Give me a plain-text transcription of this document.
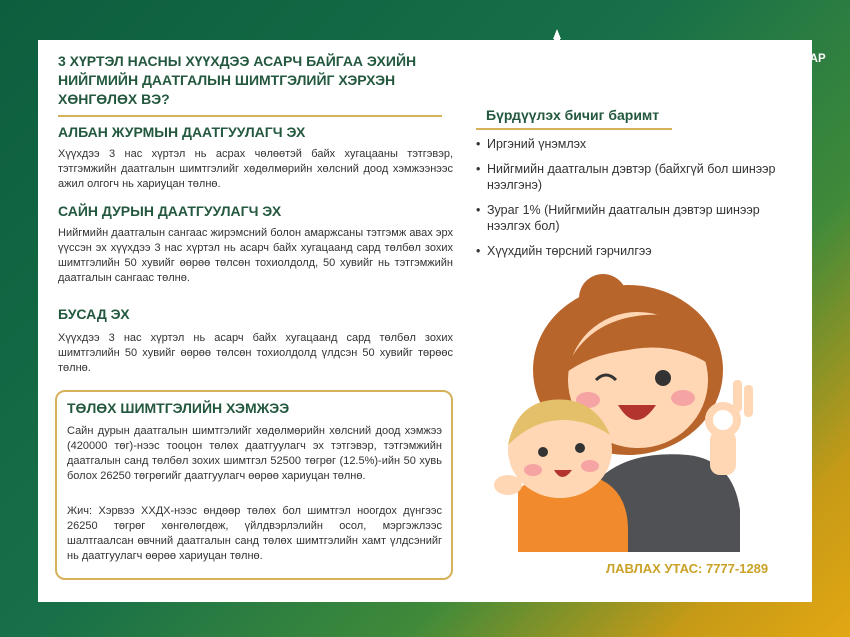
НД НИЙГМИЙН ДААТГАЛЫН ЕРӨНХИЙ ГАЗАР
3 ХҮРТЭЛ НАСНЫ ХҮҮХДЭЭ АСАРЧ БАЙГАА ЭХИЙН НИЙГМИЙН ДААТГАЛЫН ШИМТГЭЛИЙГ ХЭРХЭН ХӨНГӨЛӨХ ВЭ?
АЛБАН ЖУРМЫН ДААТГУУЛАГЧ ЭХ
Хүүхдээ 3 нас хүртэл нь асрах чөлөөтэй байх хугацааны тэтгэвэр, тэтгэмжийн даатгалын шимтгэлийг хөдөлмөрийн хөлсний доод хэмжээнээс ажил олгогч нь хариуцан төлнө.
САЙН ДУРЫН ДААТГУУЛАГЧ ЭХ
Нийгмийн даатгалын сангаас жирэмсний болон амаржсаны тэтгэмж авах эрх үүссэн эх хүүхдээ 3 нас хүртэл нь асарч байх хугацаанд сард төлбөл зохих шимтгэлийн 50 хувийг өөрөө төлсөн тохиолдолд, 50 хувийг нь тэтгэмжийн даатгалын сангаас төлнө.
БУСАД ЭХ
Хүүхдээ 3 нас хүртэл нь асарч байх хугацаанд сард төлбөл зохих шимтгэлийн 50 хувийг өөрөө төлсөн тохиолдолд үлдсэн 50 хувийг төрөөс төлнө.
ТӨЛӨХ ШИМТГЭЛИЙН ХЭМЖЭЭ
Сайн дурын даатгалын шимтгэлийг хөдөлмөрийн хөлсний доод хэмжээ (420000 төг)-нээс тооцон төлөх даатгуулагч эх тэтгэвэр, тэтгэмжийн даатгалын санд төлбөл зохих шимтгэл 52500 төгрөг (12.5%)-ийн 50 хувь болох 26250 төгрөгийг даатгуулагч өөрөө хариуцан төлнө.
Жич: Хэрвээ ХХДХ-нээс өндөөр төлөх бол шимтгэл ноогдох дүнгээс 26250 төгрөг хөнгөлөгдөж, үйлдвэрлэлийн осол, мэргэжлээс шалтгаалсан өвчний даатгалын санд төлөх шимтгэлийн хамт үлдсэнийг нь даатгуулагч өөрөө хариуцан төлнө.
Бүрдүүлэх бичиг баримт
• Иргэний үнэмлэх
• Нийгмийн даатгалын дэвтэр (байхгүй бол шинээр нээлгэнэ)
• Зураг 1% (Нийгмийн даатгалын дэвтэр шинээр нээлгэх бол)
• Хүүхдийн төрсний гэрчилгээ
ЛАВЛАХ УТАС: 7777-1289
